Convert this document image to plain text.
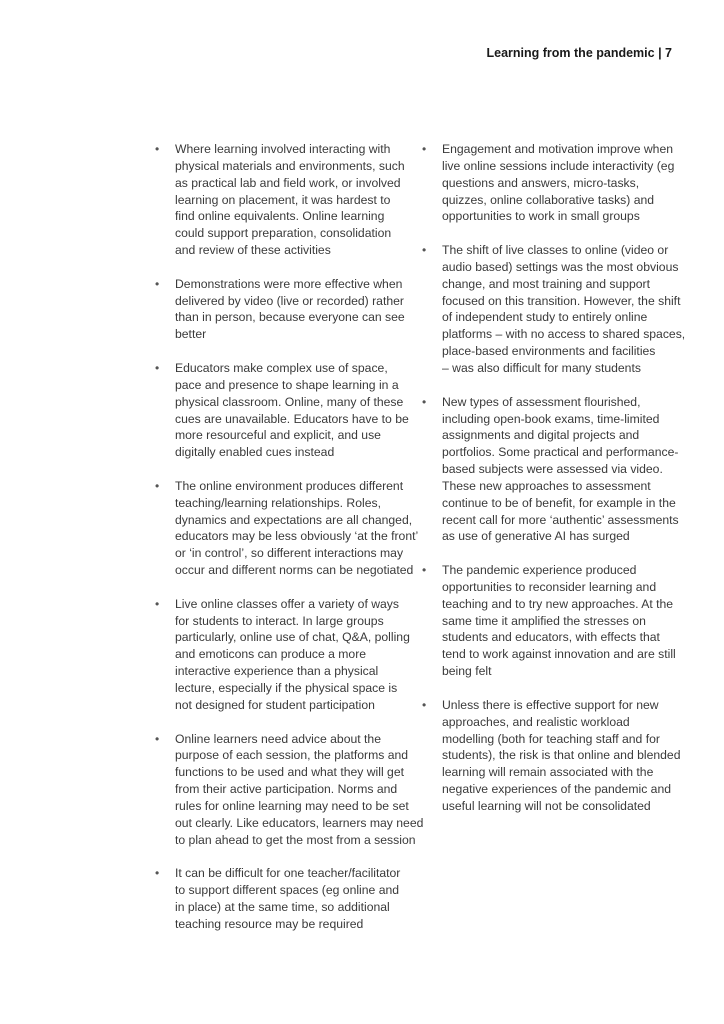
Learning from the pandemic | 7
•	Where learning involved interacting with
physical materials and environments, such
as practical lab and field work, or involved
learning on placement, it was hardest to
find online equivalents. Online learning
could support preparation, consolidation
and review of these activities
•	Demonstrations were more effective when
delivered by video (live or recorded) rather
than in person, because everyone can see
better
•	Educators make complex use of space,
pace and presence to shape learning in a
physical classroom. Online, many of these
cues are unavailable. Educators have to be
more resourceful and explicit, and use
digitally enabled cues instead
•	The online environment produces different
teaching/learning relationships. Roles,
dynamics and expectations are all changed,
educators may be less obviously ‘at the front’
or ‘in control’, so different interactions may
occur and different norms can be negotiated
•	Live online classes offer a variety of ways
for students to interact. In large groups
particularly, online use of chat, Q&A, polling
and emoticons can produce a more
interactive experience than a physical
lecture, especially if the physical space is
not designed for student participation
•	Online learners need advice about the
purpose of each session, the platforms and
functions to be used and what they will get
from their active participation. Norms and
rules for online learning may need to be set
out clearly. Like educators, learners may need
to plan ahead to get the most from a session
•	It can be difficult for one teacher/facilitator
to support different spaces (eg online and
in place) at the same time, so additional
teaching resource may be required
•	Engagement and motivation improve when
live online sessions include interactivity (eg
questions and answers, micro-tasks,
quizzes, online collaborative tasks) and
opportunities to work in small groups
•	The shift of live classes to online (video or
audio based) settings was the most obvious
change, and most training and support
focused on this transition. However, the shift
of independent study to entirely online
platforms – with no access to shared spaces,
place-based environments and facilities
– was also difficult for many students
•	New types of assessment flourished,
including open-book exams, time-limited
assignments and digital projects and
portfolios. Some practical and performance-
based subjects were assessed via video.
These new approaches to assessment
continue to be of benefit, for example in the
recent call for more ‘authentic’ assessments
as use of generative AI has surged
•	The pandemic experience produced
opportunities to reconsider learning and
teaching and to try new approaches. At the
same time it amplified the stresses on
students and educators, with effects that
tend to work against innovation and are still
being felt
•	Unless there is effective support for new
approaches, and realistic workload
modelling (both for teaching staff and for
students), the risk is that online and blended
learning will remain associated with the
negative experiences of the pandemic and
useful learning will not be consolidated
